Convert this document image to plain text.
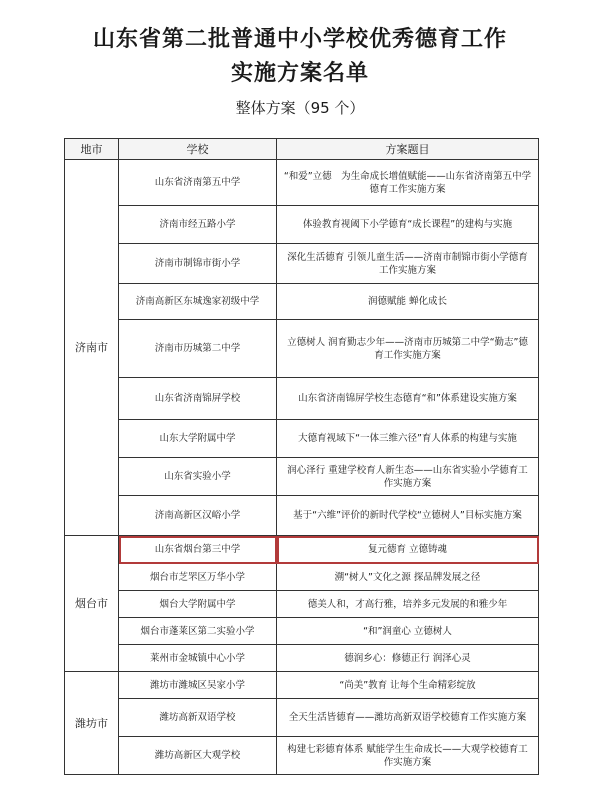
山东省第二批普通中小学校优秀德育工作
实施方案名单
整体方案（95 个）
地市	学校	方案题目
济南市	山东省济南第五中学	“和爱”立德　为生命成长增值赋能——山东省济南第五中学德育工作实施方案
	济南市经五路小学	体验教育视阈下小学德育“成长课程”的建构与实施
	济南市制锦市街小学	深化生活德育 引领儿童生活——济南市制锦市街小学德育工作实施方案
	济南高新区东城逸家初级中学	润德赋能 蝉化成长
	济南市历城第二中学	立德树人 润育勤志少年——济南市历城第二中学“勤志”德育工作实施方案
	山东省济南锦屏学校	山东省济南锦屏学校生态德育“和”体系建设实施方案
	山东大学附属中学	大德育视域下“一体三维六径”育人体系的构建与实施
	山东省实验小学	润心泽行 重建学校育人新生态——山东省实验小学德育工作实施方案
	济南高新区汉峪小学	基于“六维”评价的新时代学校“立德树人”目标实施方案
烟台市	山东省烟台第三中学	复元德育 立德铸魂
	烟台市芝罘区万华小学	溯“树人”文化之源 探品牌发展之径
	烟台大学附属中学	德美人和，才高行雅，培养多元发展的和雅少年
	烟台市蓬莱区第二实验小学	“和”润童心 立德树人
	莱州市金城镇中心小学	德润乡心：修德正行 润泽心灵
潍坊市	潍坊市潍城区吴家小学	“尚美”教育 让每个生命精彩绽放
	潍坊高新双语学校	全天生活皆德育——潍坊高新双语学校德育工作实施方案
	潍坊高新区大观学校	构建七彩德育体系 赋能学生生命成长——大观学校德育工作实施方案
